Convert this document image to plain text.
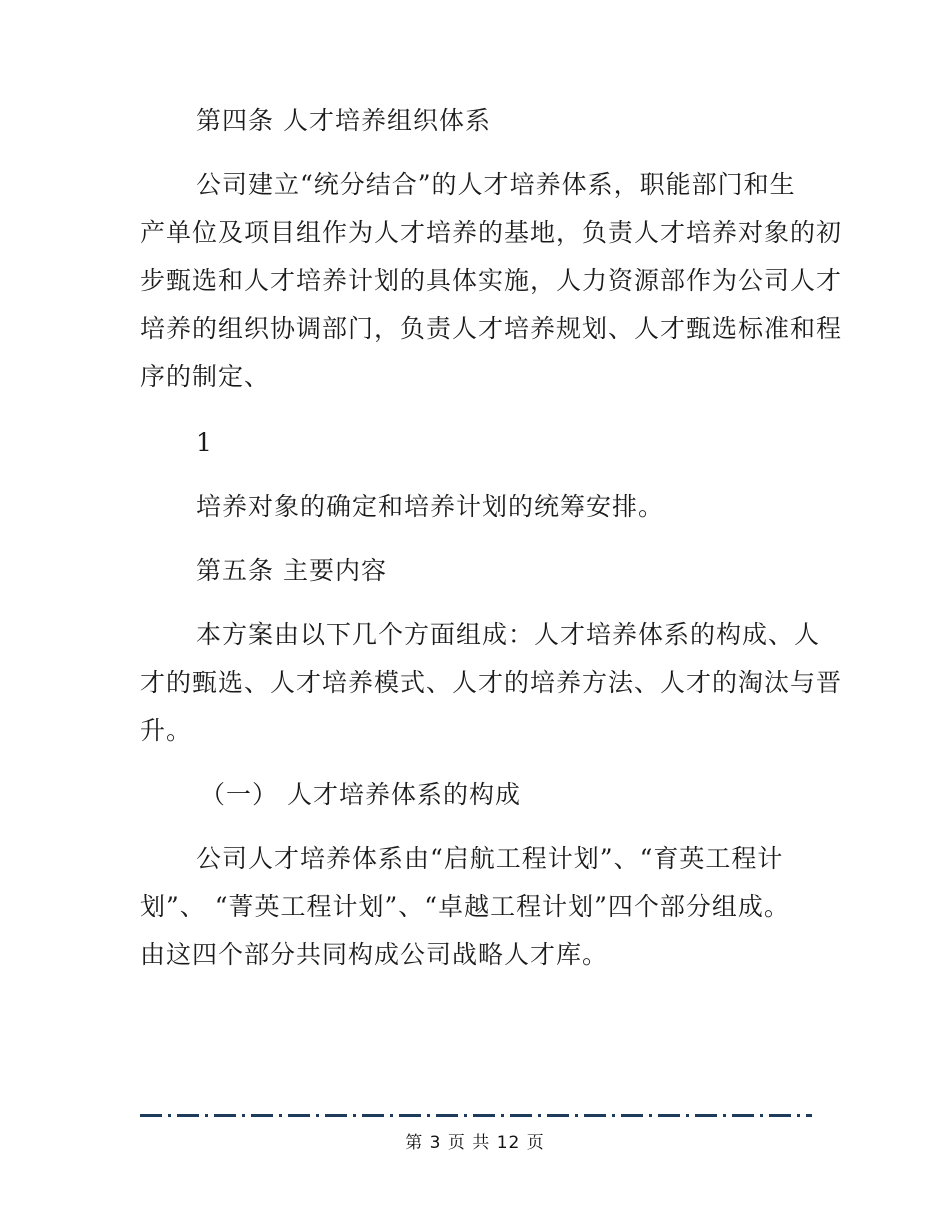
第四条 人才培养组织体系
公司建立“统分结合”的人才培养体系，职能部门和生
产单位及项目组作为人才培养的基地，负责人才培养对象的初
步甄选和人才培养计划的具体实施，人力资源部作为公司人才
培养的组织协调部门，负责人才培养规划、人才甄选标准和程
序的制定、
1
培养对象的确定和培养计划的统筹安排。
第五条 主要内容
本方案由以下几个方面组成：人才培养体系的构成、人
才的甄选、人才培养模式、人才的培养方法、人才的淘汰与晋
升。
（一） 人才培养体系的构成
公司人才培养体系由“启航工程计划”、“育英工程计
划”、 “菁英工程计划”、“卓越工程计划”四个部分组成。
由这四个部分共同构成公司战略人才库。
第 3 页 共 12 页
